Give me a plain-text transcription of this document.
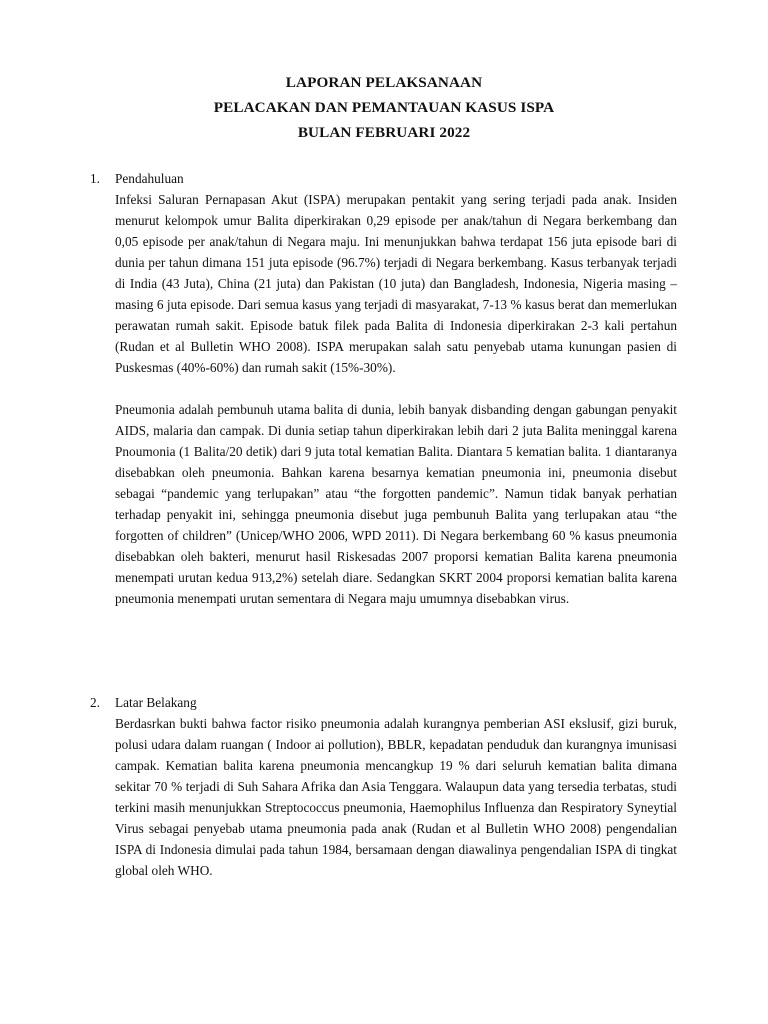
LAPORAN PELAKSANAAN
PELACAKAN DAN PEMANTAUAN KASUS ISPA
BULAN FEBRUARI 2022
1.	Pendahuluan

Infeksi Saluran Pernapasan Akut (ISPA) merupakan pentakit yang sering terjadi pada anak. Insiden menurut kelompok umur Balita diperkirakan 0,29 episode per anak/tahun di Negara berkembang dan 0,05 episode per anak/tahun di Negara maju. Ini menunjukkan bahwa terdapat 156 juta episode bari di dunia per tahun dimana 151 juta episode (96.7%) terjadi di Negara berkembang. Kasus terbanyak terjadi di India (43 Juta), China (21 juta) dan Pakistan (10 juta) dan Bangladesh, Indonesia, Nigeria masing – masing 6 juta episode. Dari semua kasus yang terjadi di masyarakat, 7-13 % kasus berat dan memerlukan perawatan rumah sakit. Episode batuk filek pada Balita di Indonesia diperkirakan 2-3 kali pertahun (Rudan et al Bulletin WHO 2008). ISPA merupakan salah satu penyebab utama kunungan pasien di Puskesmas (40%-60%) dan rumah sakit (15%-30%).

Pneumonia adalah pembunuh utama balita di dunia, lebih banyak disbanding dengan gabungan penyakit AIDS, malaria dan campak. Di dunia setiap tahun diperkirakan lebih dari 2 juta Balita meninggal karena Pnoumonia (1 Balita/20 detik) dari 9 juta total kematian Balita. Diantara 5 kematian balita. 1 diantaranya disebabkan oleh pneumonia. Bahkan karena besarnya kematian pneumonia ini, pneumonia disebut sebagai “pandemic yang terlupakan” atau “the forgotten pandemic”. Namun tidak banyak perhatian terhadap penyakit ini, sehingga pneumonia disebut juga pembunuh Balita yang terlupakan atau “the forgotten of children” (Unicep/WHO 2006, WPD 2011). Di Negara berkembang 60 % kasus pneumonia disebabkan oleh bakteri, menurut hasil Riskesadas 2007 proporsi kematian Balita karena pneumonia menempati urutan kedua 913,2%) setelah diare. Sedangkan SKRT 2004 proporsi kematian balita karena pneumonia menempati urutan sementara di Negara maju umumnya disebabkan virus.

2.	Latar Belakang

Berdasrkan bukti bahwa factor risiko pneumonia adalah kurangnya pemberian ASI ekslusif, gizi buruk, polusi udara dalam ruangan ( Indoor ai pollution), BBLR, kepadatan penduduk dan kurangnya imunisasi campak. Kematian balita karena pneumonia mencangkup 19 % dari seluruh kematian balita dimana sekitar 70 % terjadi di Suh Sahara Afrika dan Asia Tenggara. Walaupun data yang tersedia terbatas, studi terkini masih menunjukkan Streptococcus pneumonia, Haemophilus Influenza dan Respiratory Syneytial Virus sebagai penyebab utama pneumonia pada anak (Rudan et al Bulletin WHO 2008) pengendalian ISPA di Indonesia dimulai pada tahun 1984, bersamaan dengan diawalinya pengendalian ISPA di tingkat global oleh WHO.
